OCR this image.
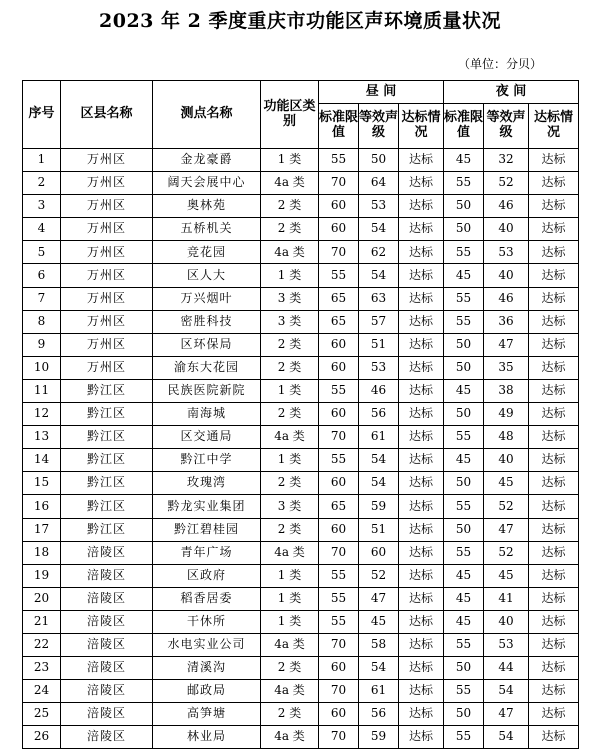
2023 年 2 季度重庆市功能区声环境质量状况
（单位：分贝）
序号	区县名称	测点名称	功能区类别	昼 间			夜 间		
				标准限值	等效声级	达标情况	标准限值	等效声级	达标情况
1	万州区	金龙豪爵	1 类	55	50	达标	45	32	达标
2	万州区	阔天会展中心	4a 类	70	64	达标	55	52	达标
3	万州区	奥林苑	2 类	60	53	达标	50	46	达标
4	万州区	五桥机关	2 类	60	54	达标	50	40	达标
5	万州区	竞花园	4a 类	70	62	达标	55	53	达标
6	万州区	区人大	1 类	55	54	达标	45	40	达标
7	万州区	万兴烟叶	3 类	65	63	达标	55	46	达标
8	万州区	密胜科技	3 类	65	57	达标	55	36	达标
9	万州区	区环保局	2 类	60	51	达标	50	47	达标
10	万州区	渝东大花园	2 类	60	53	达标	50	35	达标
11	黔江区	民族医院新院	1 类	55	46	达标	45	38	达标
12	黔江区	南海城	2 类	60	56	达标	50	49	达标
13	黔江区	区交通局	4a 类	70	61	达标	55	48	达标
14	黔江区	黔江中学	1 类	55	54	达标	45	40	达标
15	黔江区	玫瑰湾	2 类	60	54	达标	50	45	达标
16	黔江区	黔龙实业集团	3 类	65	59	达标	55	52	达标
17	黔江区	黔江碧桂园	2 类	60	51	达标	50	47	达标
18	涪陵区	青年广场	4a 类	70	60	达标	55	52	达标
19	涪陵区	区政府	1 类	55	52	达标	45	45	达标
20	涪陵区	稻香居委	1 类	55	47	达标	45	41	达标
21	涪陵区	干休所	1 类	55	45	达标	45	40	达标
22	涪陵区	水电实业公司	4a 类	70	58	达标	55	53	达标
23	涪陵区	清溪沟	2 类	60	54	达标	50	44	达标
24	涪陵区	邮政局	4a 类	70	61	达标	55	54	达标
25	涪陵区	高笋塘	2 类	60	56	达标	50	47	达标
26	涪陵区	林业局	4a 类	70	59	达标	55	54	达标
